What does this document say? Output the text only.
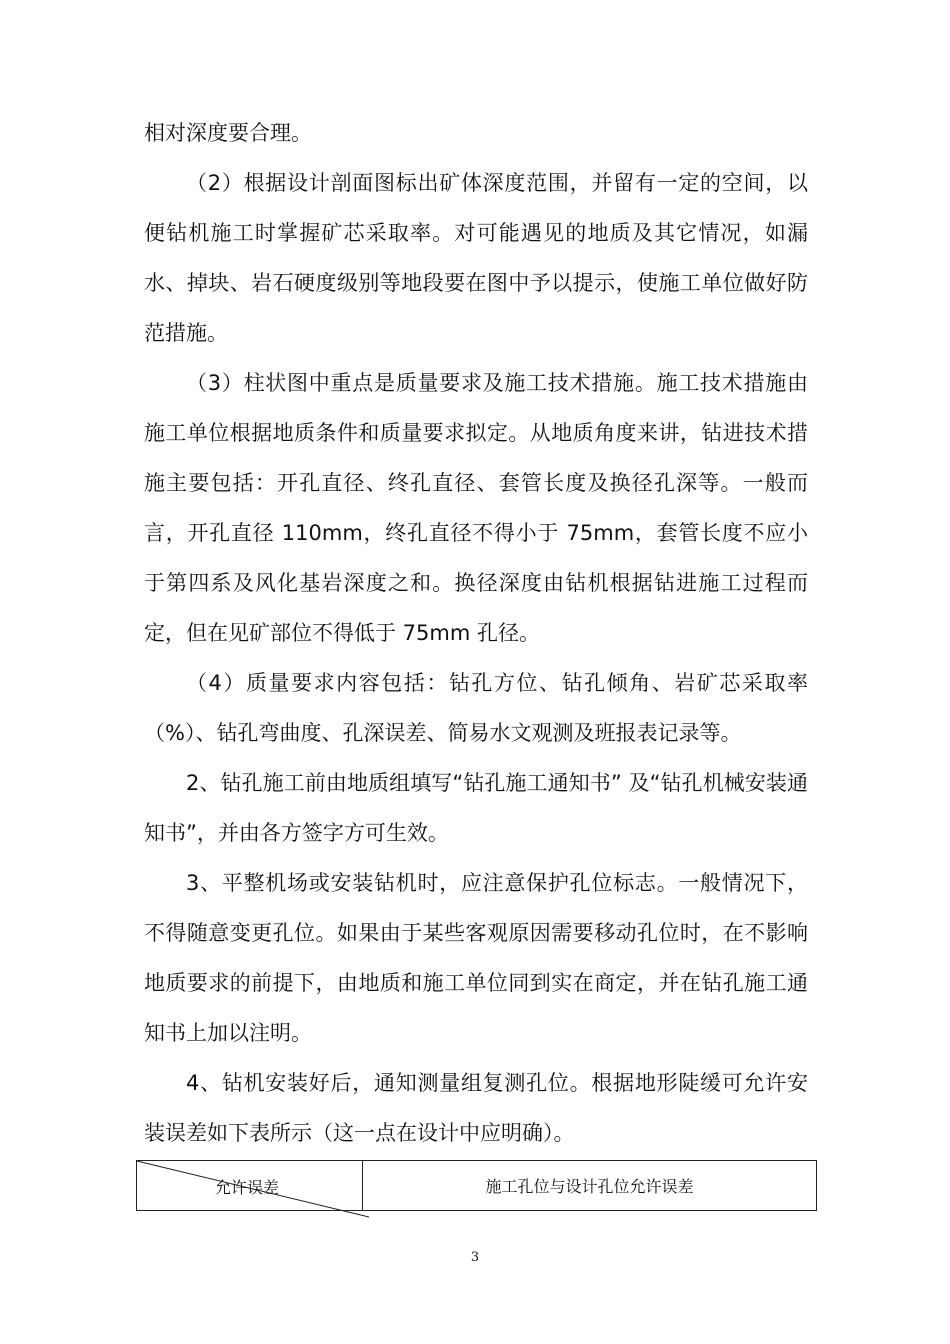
相对深度要合理。

（2）根据设计剖面图标出矿体深度范围，并留有一定的空间，以便钻机施工时掌握矿芯采取率。对可能遇见的地质及其它情况，如漏水、掉块、岩石硬度级别等地段要在图中予以提示，使施工单位做好防范措施。

（3）柱状图中重点是质量要求及施工技术措施。施工技术措施由施工单位根据地质条件和质量要求拟定。从地质角度来讲，钻进技术措施主要包括：开孔直径、终孔直径、套管长度及换径孔深等。一般而言，开孔直径 110mm，终孔直径不得小于 75mm，套管长度不应小于第四系及风化基岩深度之和。换径深度由钻机根据钻进施工过程而定，但在见矿部位不得低于 75mm 孔径。

（4）质量要求内容包括：钻孔方位、钻孔倾角、岩矿芯采取率（%）、钻孔弯曲度、孔深误差、简易水文观测及班报表记录等。

2、钻孔施工前由地质组填写“钻孔施工通知书” 及“钻孔机械安装通知书”，并由各方签字方可生效。

3、平整机场或安装钻机时，应注意保护孔位标志。一般情况下，不得随意变更孔位。如果由于某些客观原因需要移动孔位时，在不影响地质要求的前提下，由地质和施工单位同到实在商定，并在钻孔施工通知书上加以注明。

4、钻机安装好后，通知测量组复测孔位。根据地形陡缓可允许安装误差如下表所示（这一点在设计中应明确）。

允许误差	施工孔位与设计孔位允许误差
3
